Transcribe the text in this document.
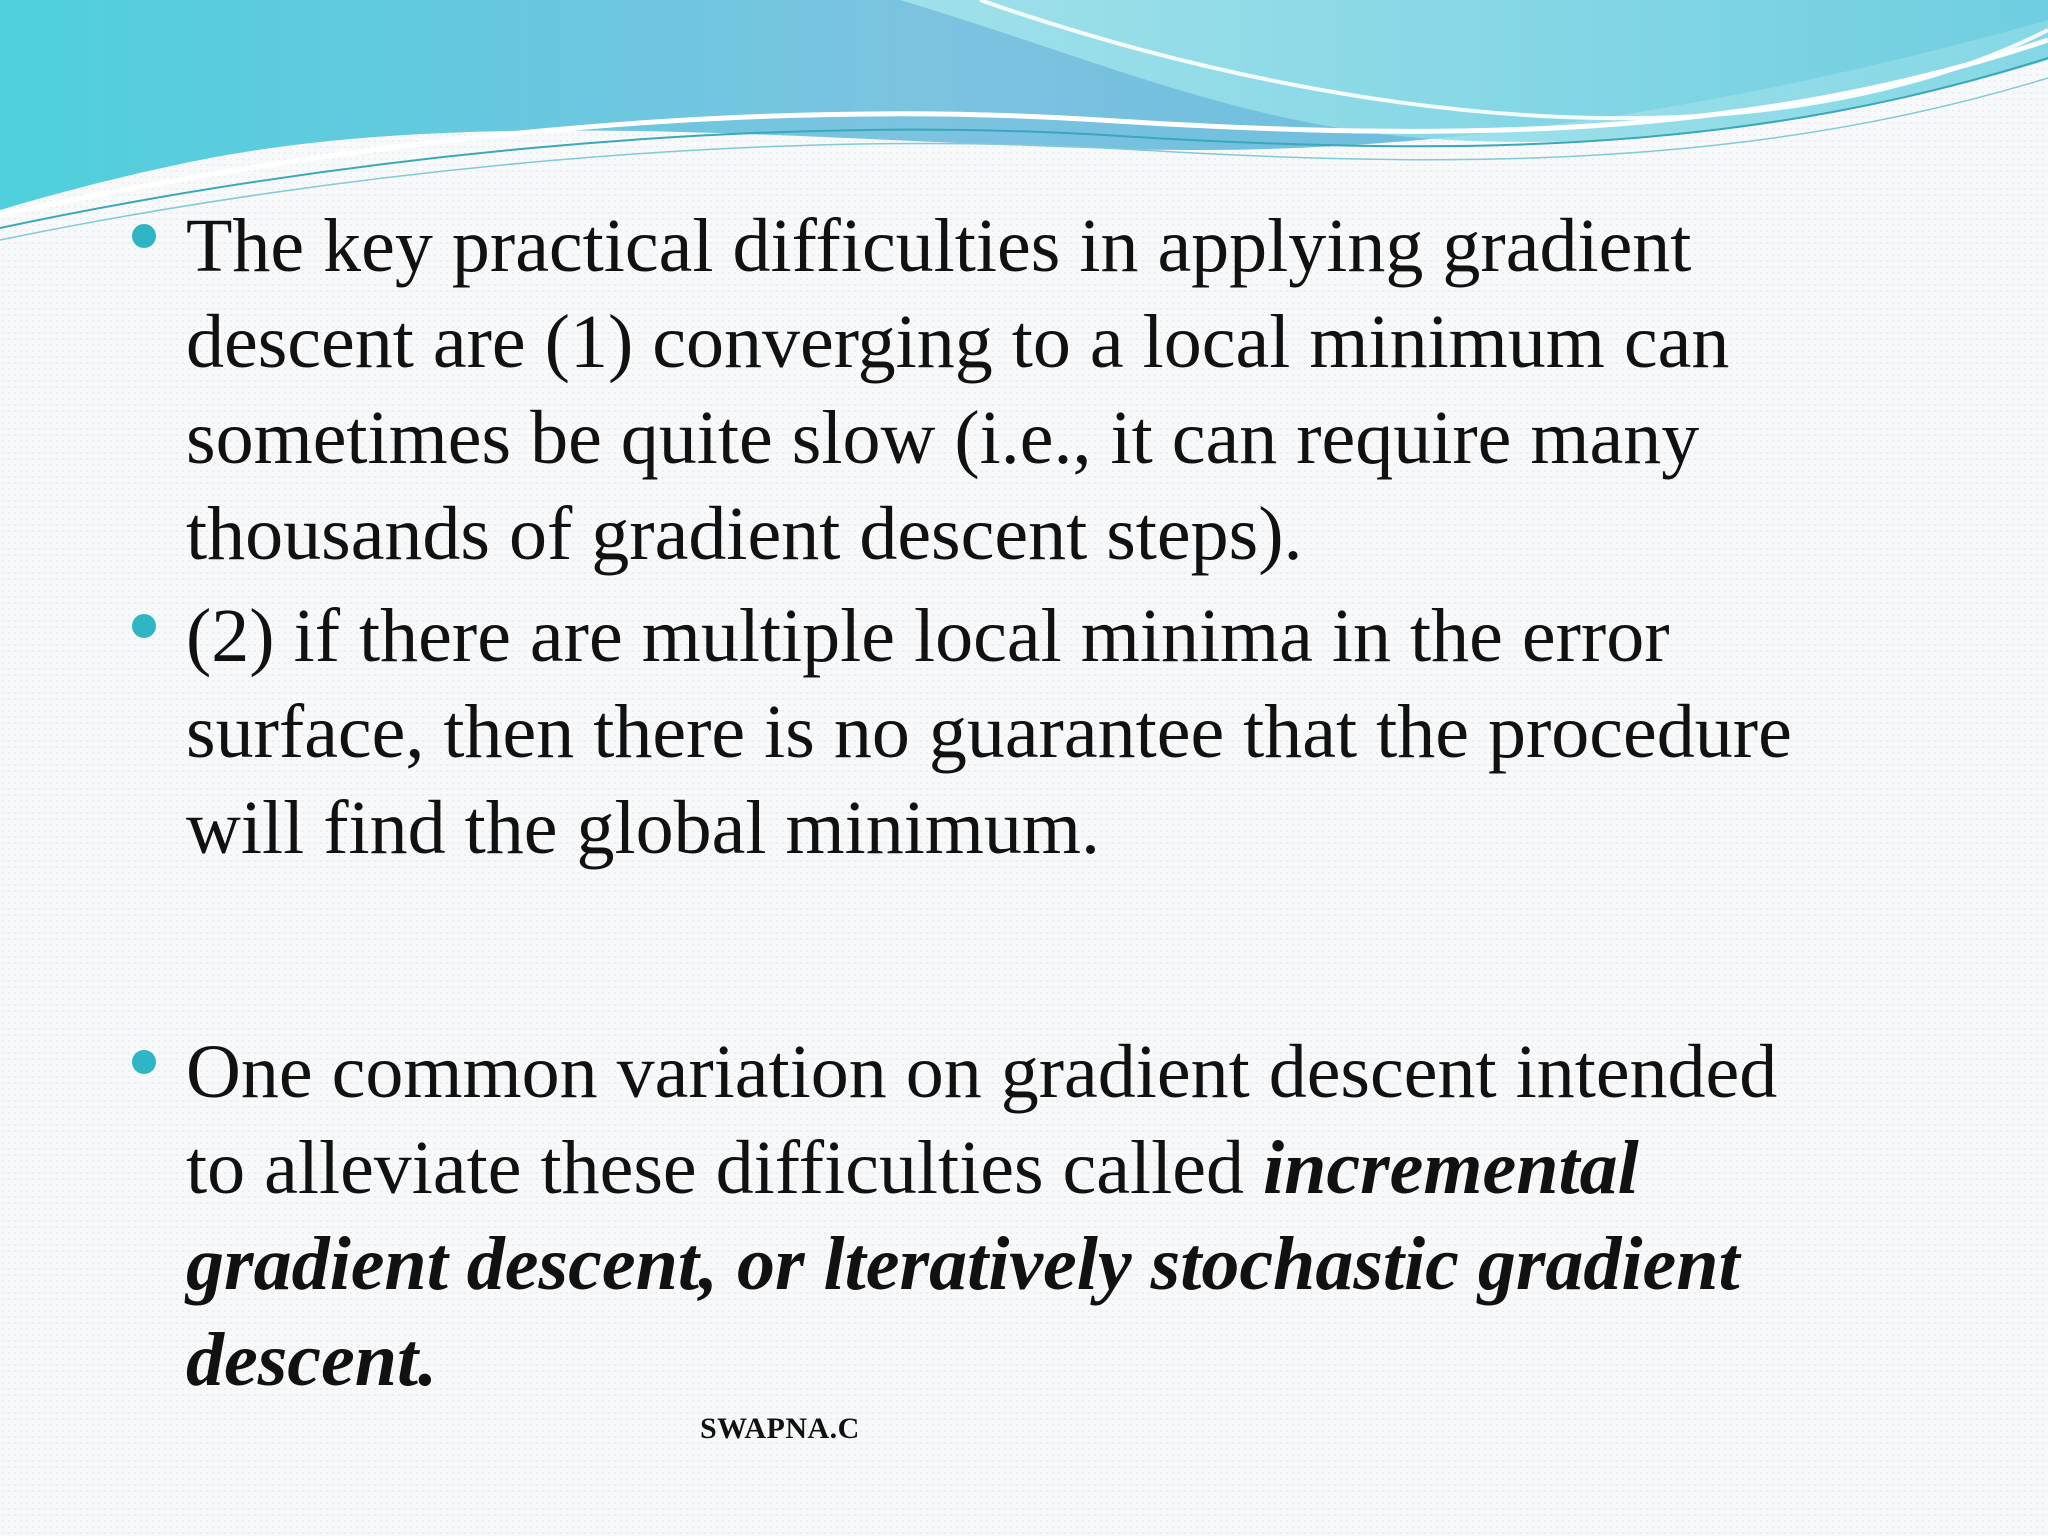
The key practical difficulties in applying gradient
descent are (1) converging to a local minimum can
sometimes be quite slow (i.e., it can require many
thousands of gradient descent steps).
(2) if there are multiple local minima in the error
surface, then there is no guarantee that the procedure
will find the global minimum.
One common variation on gradient descent intended
to alleviate these difficulties called incremental
gradient descent, or lteratively stochastic gradient
descent.
SWAPNA.C
